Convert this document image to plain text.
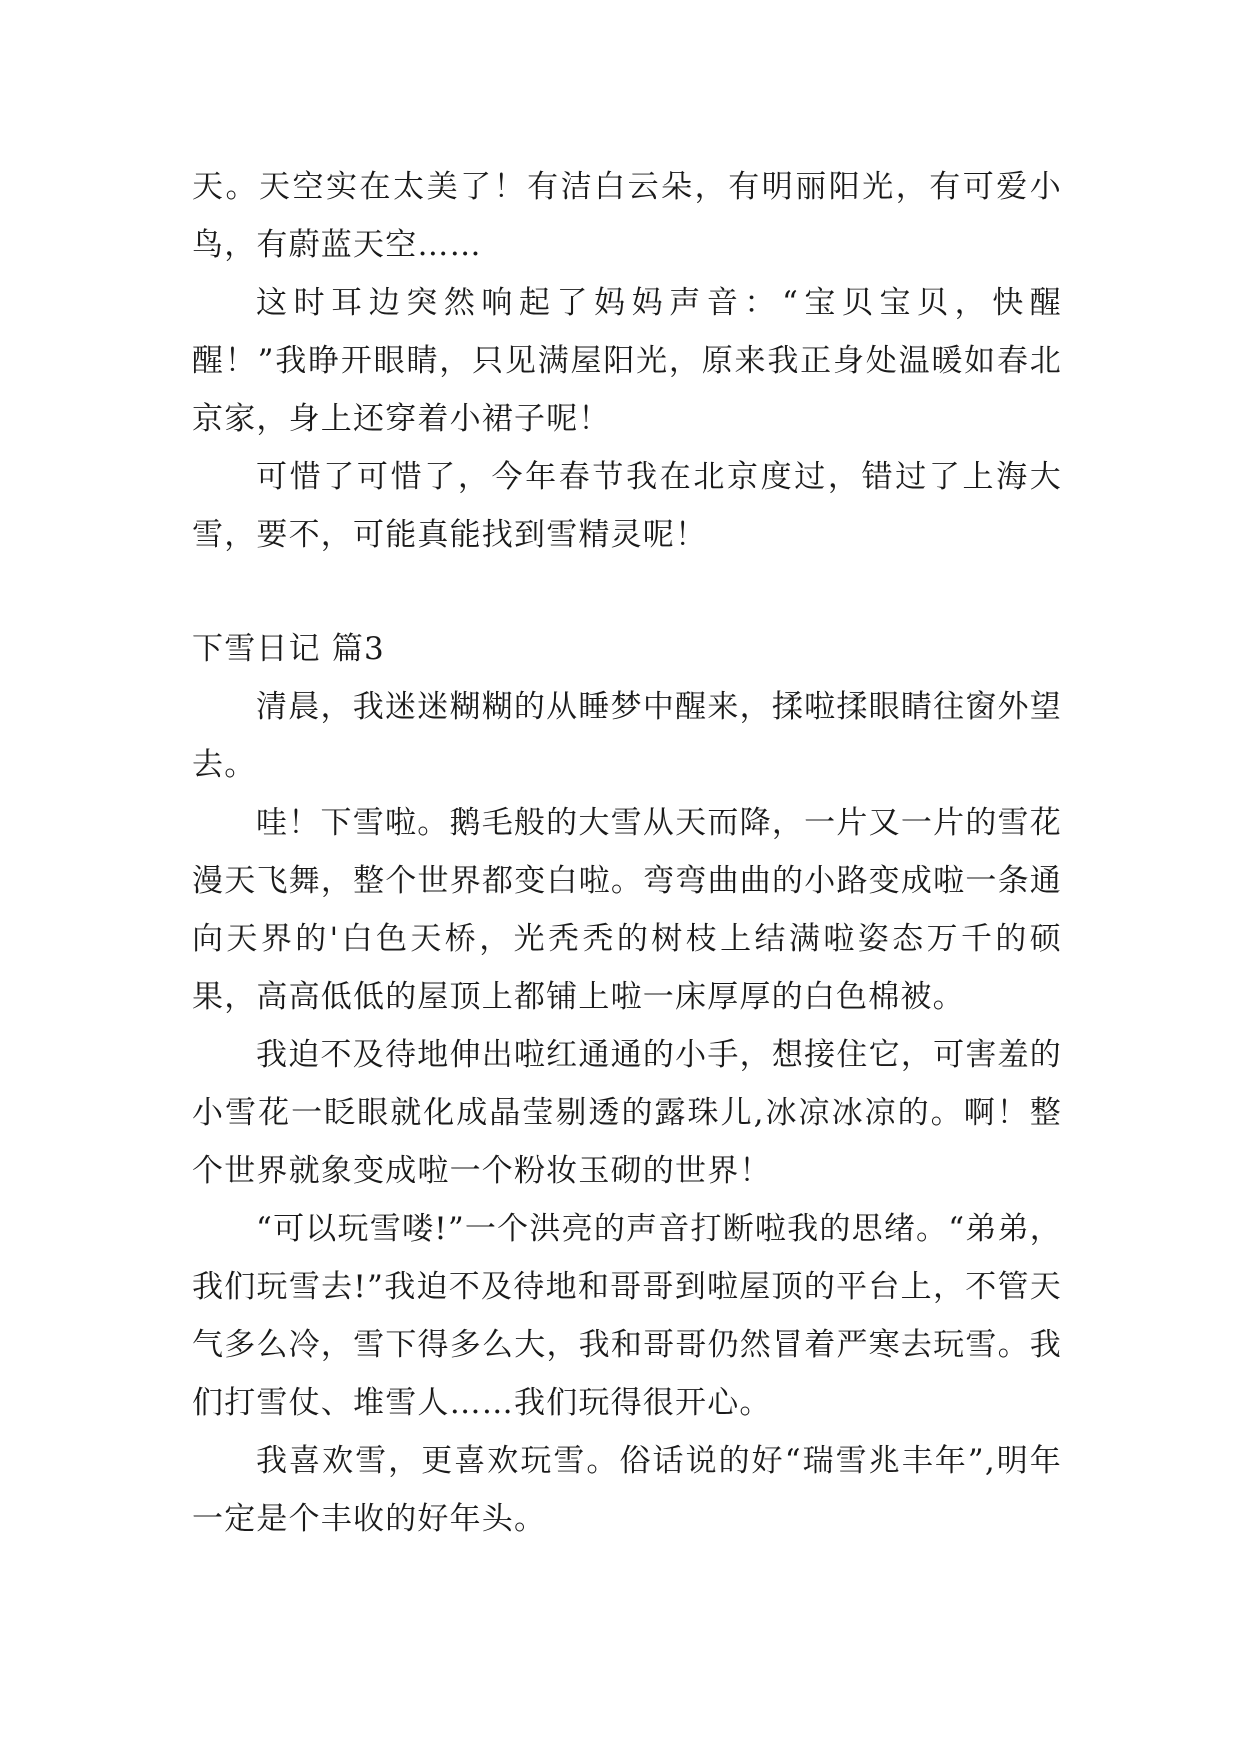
天。天空实在太美了！有洁白云朵，有明丽阳光，有可爱小鸟，有蔚蓝天空……

这时耳边突然响起了妈妈声音：“宝贝宝贝，快醒醒！”我睁开眼睛，只见满屋阳光，原来我正身处温暖如春北京家，身上还穿着小裙子呢！

可惜了可惜了，今年春节我在北京度过，错过了上海大雪，要不，可能真能找到雪精灵呢！

下雪日记 篇3

清晨，我迷迷糊糊的从睡梦中醒来，揉啦揉眼睛往窗外望去。

哇！下雪啦。鹅毛般的大雪从天而降，一片又一片的雪花漫天飞舞，整个世界都变白啦。弯弯曲曲的小路变成啦一条通向天界的'白色天桥，光秃秃的树枝上结满啦姿态万千的硕果，高高低低的屋顶上都铺上啦一床厚厚的白色棉被。

我迫不及待地伸出啦红通通的小手，想接住它，可害羞的小雪花一眨眼就化成晶莹剔透的露珠儿,冰凉冰凉的。啊！整个世界就象变成啦一个粉妆玉砌的世界！

“可以玩雪喽!”一个洪亮的声音打断啦我的思绪。“弟弟，我们玩雪去!”我迫不及待地和哥哥到啦屋顶的平台上，不管天气多么冷，雪下得多么大，我和哥哥仍然冒着严寒去玩雪。我们打雪仗、堆雪人……我们玩得很开心。

我喜欢雪，更喜欢玩雪。俗话说的好“瑞雪兆丰年”,明年一定是个丰收的好年头。
